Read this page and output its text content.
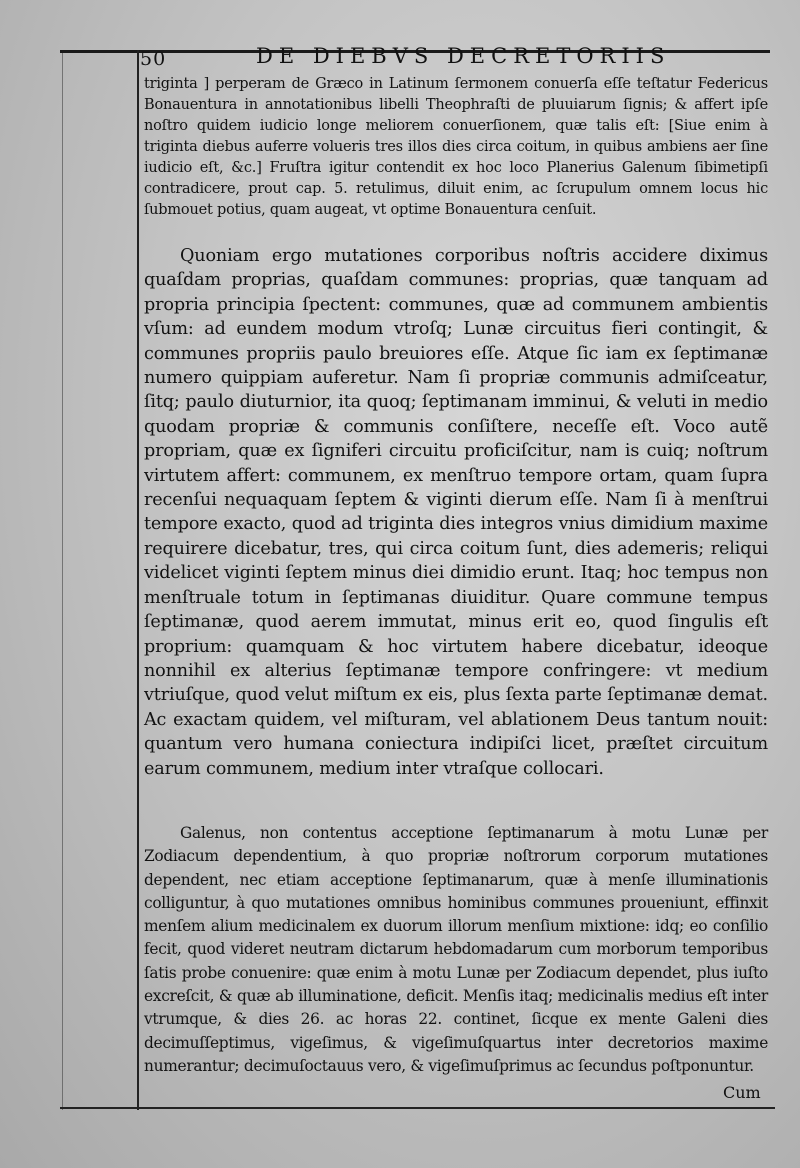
50	DE DIEBVS DECRETORIIS

triginta ] perperam de Græco in Latinum ſermonem conuerſa eſſe teſtatur Federicus Bonauentura in annotationibus libelli Theophraſti de pluuiarum ſignis; & affert ipſe noſtro quidem iudicio longe meliorem conuerſionem, quæ talis eſt: [Siue enim à triginta diebus auferre volueris tres illos dies circa coitum, in quibus ambiens aer ſine iudicio eſt, &c.] Fruſtra igitur contendit ex hoc loco Planerius Galenum ſibimetipſi contradicere, prout cap. 5. retulimus, diluit enim, ac ſcrupulum omnem locus hic ſubmouet potius, quam augeat, vt optime Bonauentura cenſuit.

Quoniam ergo mutationes corporibus noſtris accidere diximus quaſdam proprias, quaſdam communes: proprias, quæ tanquam ad propria principia ſpectent: communes, quæ ad communem ambientis vſum: ad eundem modum vtroſq; Lunæ circuitus fieri contingit, & communes propriis paulo breuiores eſſe. Atque ſic iam ex ſeptimanæ numero quippiam auferetur. Nam ſi propriæ communis admiſceatur, ſitq; paulo diuturnior, ita quoq; ſeptimanam imminui, & veluti in medio quodam propriæ & communis conſiſtere, neceſſe eſt. Voco autẽ propriam, quæ ex ſigniferi circuitu proficiſcitur, nam is cuiq; noſtrum virtutem affert: communem, ex menſtruo tempore ortam, quam ſupra recenſui nequaquam ſeptem & viginti dierum eſſe. Nam ſi à menſtrui tempore exacto, quod ad triginta dies integros vnius dimidium maxime requirere dicebatur, tres, qui circa coitum ſunt, dies ademeris; reliqui videlicet viginti ſeptem minus diei dimidio erunt. Itaq; hoc tempus non menſtruale totum in ſeptimanas diuiditur. Quare commune tempus ſeptimanæ, quod aerem immutat, minus erit eo, quod ſingulis eſt proprium: quamquam & hoc virtutem habere dicebatur, ideoque nonnihil ex alterius ſeptimanæ tempore confringere: vt medium vtriuſque, quod velut miſtum ex eis, plus ſexta parte ſeptimanæ demat. Ac exactam quidem, vel miſturam, vel ablationem Deus tantum nouit: quantum vero humana coniectura indipiſci licet, præſtet circuitum earum communem, medium inter vtraſque collocari.

Galenus, non contentus acceptione ſeptimanarum à motu Lunæ per Zodiacum dependentium, à quo propriæ noſtrorum corporum mutationes dependent, nec etiam acceptione ſeptimanarum, quæ à menſe illuminationis colliguntur, à quo mutationes omnibus hominibus communes proueniunt, effinxit menſem alium medicinalem ex duorum illorum menſium mixtione: idq; eo conſilio fecit, quod videret neutram dictarum hebdomadarum cum morborum temporibus ſatis probe conuenire: quæ enim à motu Lunæ per Zodiacum dependet, plus iuſto excreſcit, & quæ ab illuminatione, deficit. Menſis itaq; medicinalis medius eſt inter vtrumque, & dies 26. ac horas 22. continet, ſicque ex mente Galeni dies decimuſſeptimus, vigeſimus, & vigeſimuſquartus inter decretorios maxime numerantur; decimuſoctauus vero, & vigeſimuſprimus ac ſecundus poſtponuntur.

Cum
